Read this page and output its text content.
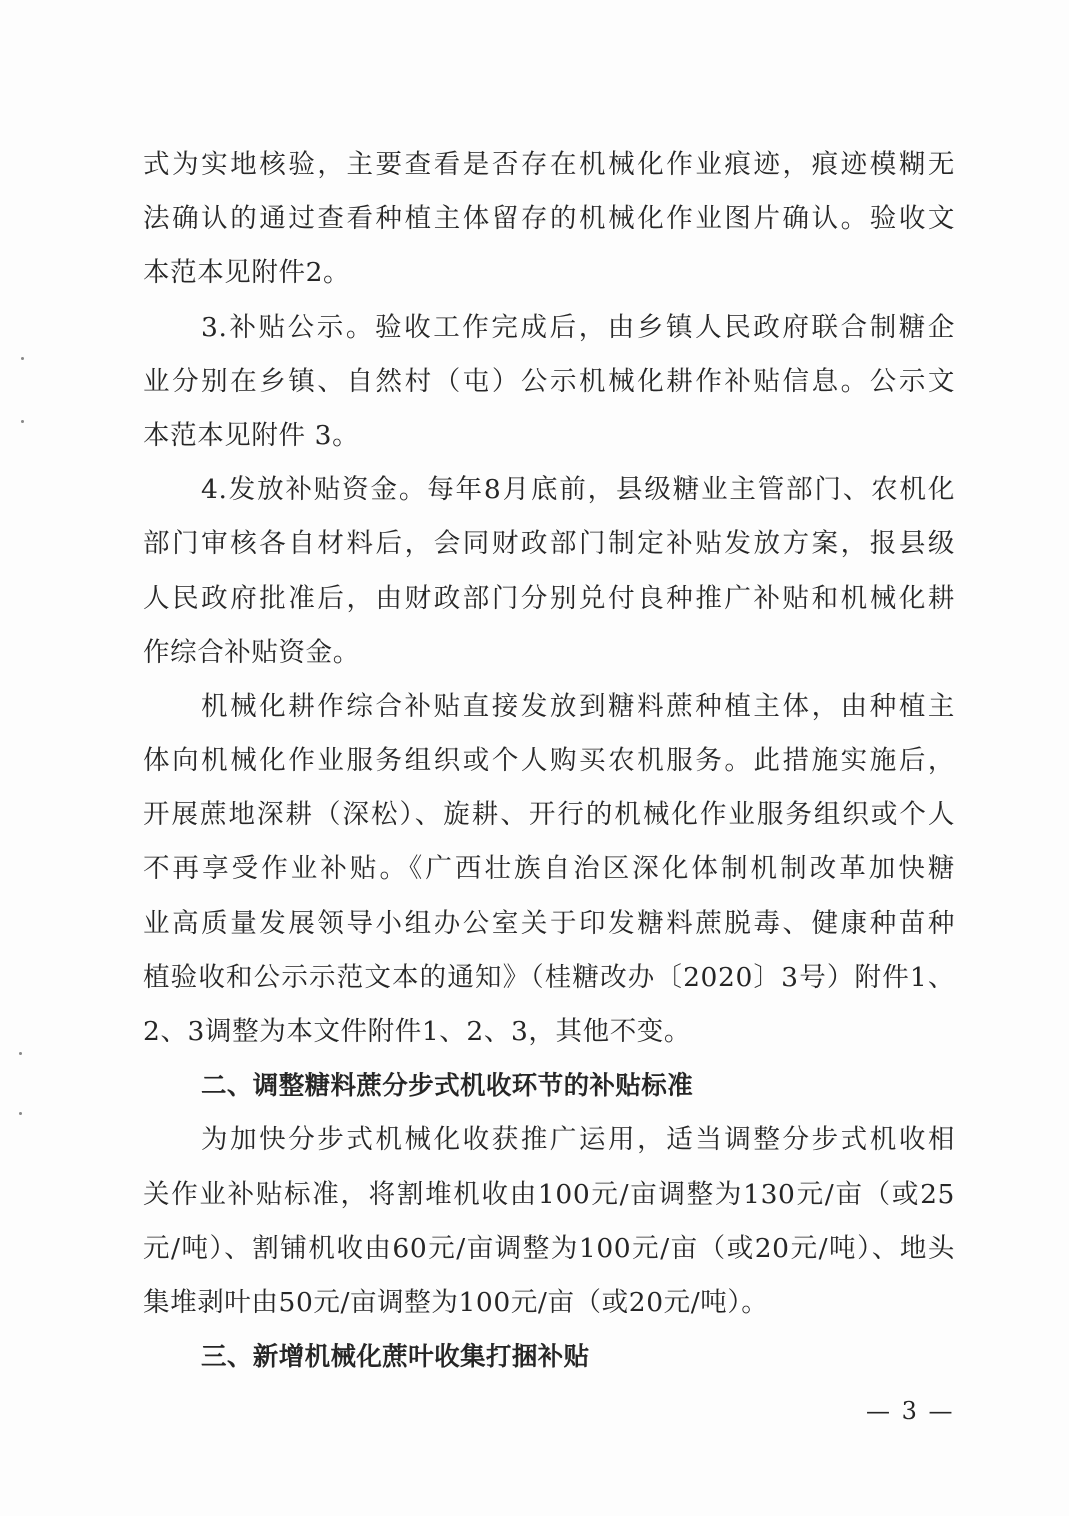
式为实地核验，主要查看是否存在机械化作业痕迹，痕迹模糊无
法确认的通过查看种植主体留存的机械化作业图片确认。验收文
本范本见附件2。
3.补贴公示。验收工作完成后，由乡镇人民政府联合制糖企
业分别在乡镇、自然村（屯）公示机械化耕作补贴信息。公示文
本范本见附件 3。
4.发放补贴资金。每年8月底前，县级糖业主管部门、农机化
部门审核各自材料后，会同财政部门制定补贴发放方案，报县级
人民政府批准后，由财政部门分别兑付良种推广补贴和机械化耕
作综合补贴资金。
机械化耕作综合补贴直接发放到糖料蔗种植主体，由种植主
体向机械化作业服务组织或个人购买农机服务。此措施实施后，
开展蔗地深耕（深松）、旋耕、开行的机械化作业服务组织或个人
不再享受作业补贴。《广西壮族自治区深化体制机制改革加快糖
业高质量发展领导小组办公室关于印发糖料蔗脱毒、健康种苗种
植验收和公示示范文本的通知》（桂糖改办〔2020〕3号）附件1、
2、3调整为本文件附件1、2、3，其他不变。
二、调整糖料蔗分步式机收环节的补贴标准
为加快分步式机械化收获推广运用，适当调整分步式机收相
关作业补贴标准，将割堆机收由100元/亩调整为130元/亩（或25
元/吨）、割铺机收由60元/亩调整为100元/亩（或20元/吨）、地头
集堆剥叶由50元/亩调整为100元/亩（或20元/吨）。
三、新增机械化蔗叶收集打捆补贴
— 3 —
